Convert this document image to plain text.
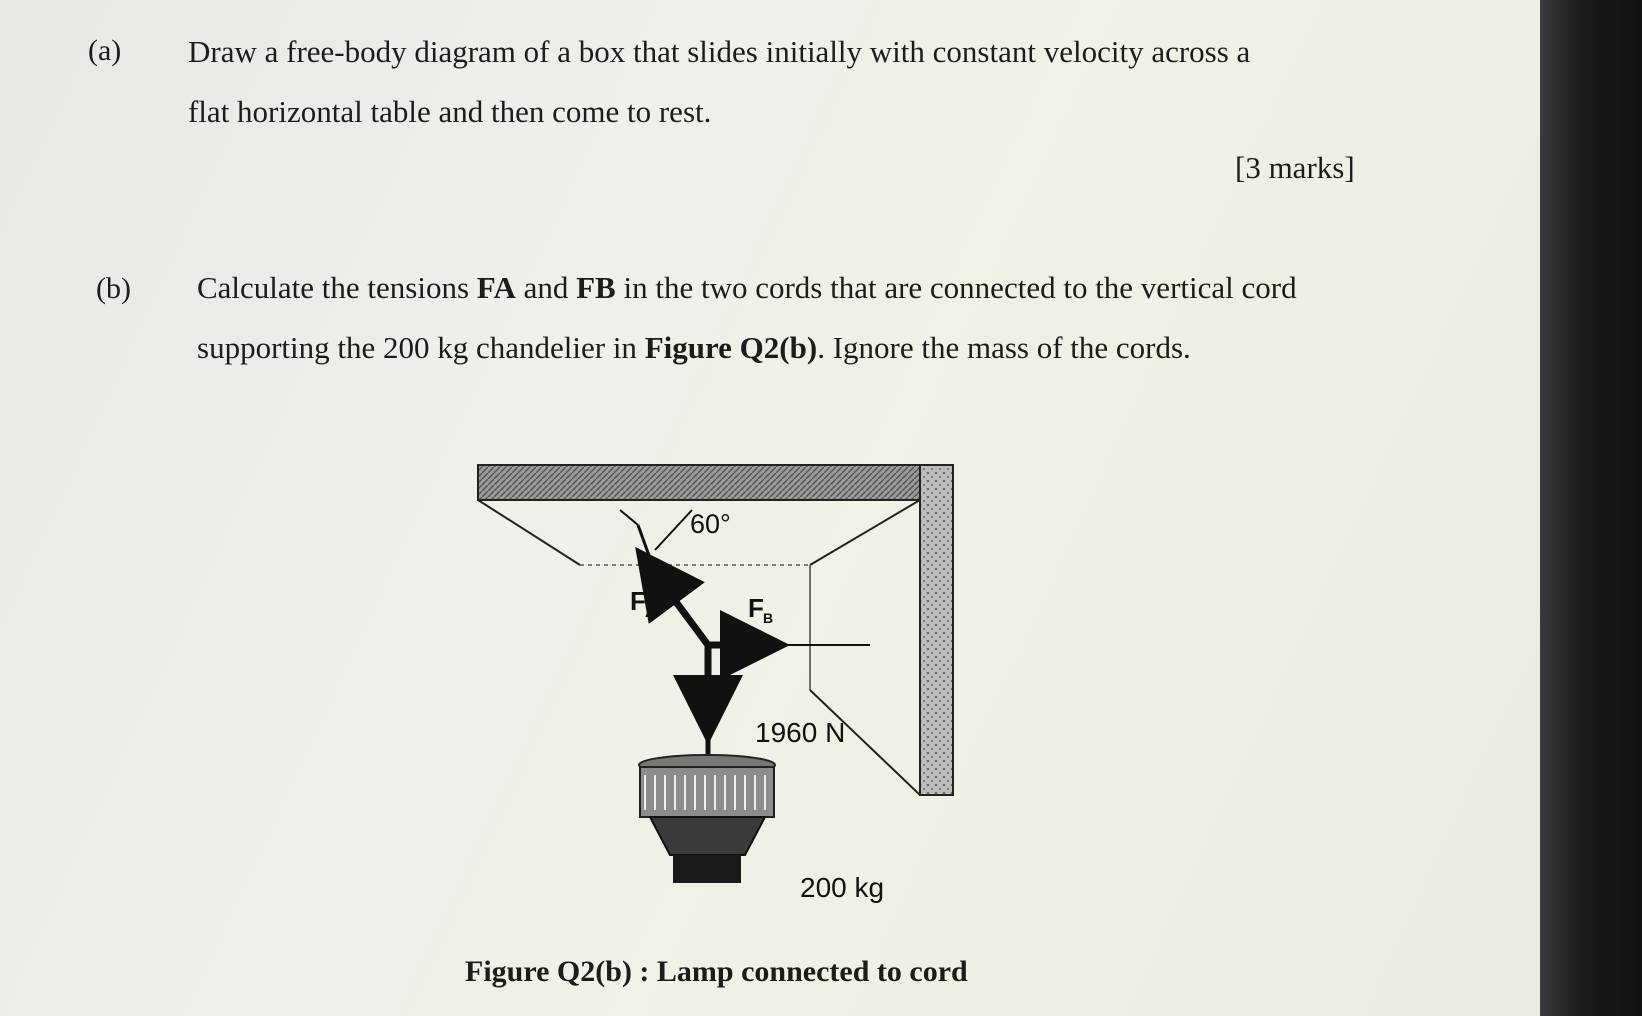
(a) Draw a free-body diagram of a box that slides initially with constant velocity across a
flat horizontal table and then come to rest.
[3 marks]
(b) Calculate the tensions FA and FB in the two cords that are connected to the vertical cord
supporting the 200 kg chandelier in Figure Q2(b). Ignore the mass of the cords.
60°
F A	F B
1960 N
200 kg
Figure Q2(b) : Lamp connected to cord
